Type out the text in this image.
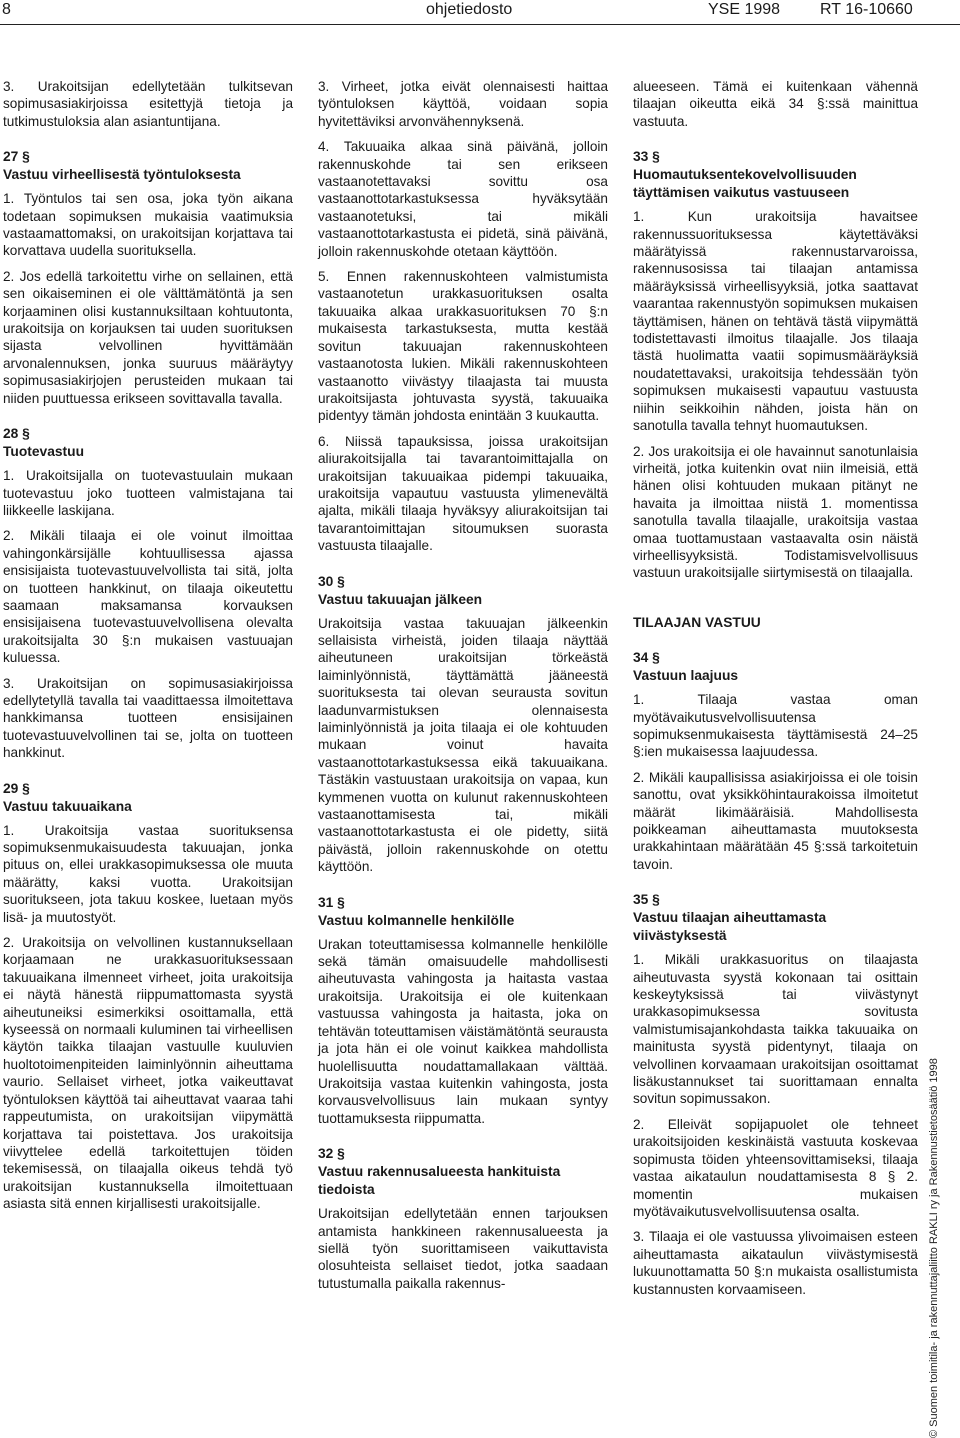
8	ohjetiedosto	YSE 1998 RT 16-10660

3. Urakoitsijan edellytetään tulkitsevan sopimusasiakirjoissa esitettyjä tietoja ja tutkimustuloksia alan asiantuntijana.

27 §
Vastuu virheellisestä työntuloksesta

1. Työntulos tai sen osa, joka työn aikana todetaan sopimuksen mukaisia vaatimuksia vastaamattomaksi, on urakoitsijan korjattava tai korvattava uudella suorituksella.

2. Jos edellä tarkoitettu virhe on sellainen, että sen oikaiseminen ei ole välttämätöntä ja sen korjaaminen olisi kustannuksiltaan kohtuutonta, urakoitsija on korjauksen tai uuden suorituksen sijasta velvollinen hyvittämään arvonalennuksen, jonka suuruus määräytyy sopimusasiakirjojen perusteiden mukaan tai niiden puuttuessa erikseen sovittavalla tavalla.

28 §
Tuotevastuu

1. Urakoitsijalla on tuotevastuulain mukaan tuotevastuu joko tuotteen valmistajana tai liikkeelle laskijana.

2. Mikäli tilaaja ei ole voinut ilmoittaa vahingonkärsijälle kohtuullisessa ajassa ensisijaista tuotevastuuvelvollista tai sitä, jolta on tuotteen hankkinut, on tilaaja oikeutettu saamaan maksamansa korvauksen ensisijaisena tuotevastuuvelvollisena olevalta urakoitsijalta 30 §:n mukaisen vastuuajan kuluessa.

3. Urakoitsijan on sopimusasiakirjoissa edellytetyllä tavalla tai vaadittaessa ilmoitettava hankkimansa tuotteen ensisijainen tuotevastuuvelvollinen tai se, jolta on tuotteen hankkinut.

29 §
Vastuu takuuaikana

1. Urakoitsija vastaa suorituksensa sopimuksenmukaisuudesta takuuajan, jonka pituus on, ellei urakkasopimuksessa ole muuta määrätty, kaksi vuotta. Urakoitsijan suoritukseen, jota takuu koskee, luetaan myös lisä- ja muutostyöt.

2. Urakoitsija on velvollinen kustannuksellaan korjaamaan ne urakkasuorituksessaan takuuaikana ilmenneet virheet, joita urakoitsija ei näytä hänestä riippumattomasta syystä aiheutuneiksi esimerkiksi osoittamalla, että kyseessä on normaali kuluminen tai virheellisen käytön taikka tilaajan vastuulle kuuluvien huoltotoimenpiteiden laiminlyönnin aiheuttama vaurio. Sellaiset virheet, jotka vaikeuttavat työntuloksen käyttöä tai aiheuttavat vaaraa tahi rappeutumista, on urakoitsijan viipymättä korjattava tai poistettava. Jos urakoitsija viivyttelee edellä tarkoitettujen töiden tekemisessä, on tilaajalla oikeus tehdä työ urakoitsijan kustannuksella ilmoitettuaan asiasta sitä ennen kirjallisesti urakoitsijalle.

3. Virheet, jotka eivät olennaisesti haittaa työntuloksen käyttöä, voidaan sopia hyvitettäviksi arvonvähennyksenä.

4. Takuuaika alkaa sinä päivänä, jolloin rakennuskohde tai sen erikseen vastaanotettavaksi sovittu osa vastaanottotarkastuksessa hyväksytään vastaanotetuksi, tai mikäli vastaanottotarkastusta ei pidetä, sinä päivänä, jolloin rakennuskohde otetaan käyttöön.

5. Ennen rakennuskohteen valmistumista vastaanotetun urakkasuorituksen osalta takuuaika alkaa urakkasuorituksen 70 §:n mukaisesta tarkastuksesta, mutta kestää sovitun takuuajan rakennuskohteen vastaanotosta lukien. Mikäli rakennuskohteen vastaanotto viivästyy tilaajasta tai muusta urakoitsijasta johtuvasta syystä, takuuaika pidentyy tämän johdosta enintään 3 kuukautta.

6. Niissä tapauksissa, joissa urakoitsijan aliurakoitsijalla tai tavarantoimittajalla on urakoitsijan takuuaikaa pidempi takuuaika, urakoitsija vapautuu vastuusta ylimenevältä ajalta, mikäli tilaaja hyväksyy aliurakoitsijan tai tavarantoimittajan sitoumuksen suorasta vastuusta tilaajalle.

30 §
Vastuu takuuajan jälkeen

Urakoitsija vastaa takuuajan jälkeenkin sellaisista virheistä, joiden tilaaja näyttää aiheutuneen urakoitsijan törkeästä laiminlyönnistä, täyttämättä jääneestä suorituksesta tai olevan seurausta sovitun laadunvarmistuksen olennaisesta laiminlyönnistä ja joita tilaaja ei ole kohtuuden mukaan voinut havaita vastaanottotarkastuksessa eikä takuuaikana. Tästäkin vastuustaan urakoitsija on vapaa, kun kymmenen vuotta on kulunut rakennuskohteen vastaanottamisesta tai, mikäli vastaanottotarkastusta ei ole pidetty, siitä päivästä, jolloin rakennuskohde on otettu käyttöön.

31 §
Vastuu kolmannelle henkilölle

Urakan toteuttamisessa kolmannelle henkilölle sekä tämän omaisuudelle mahdollisesti aiheutuvasta vahingosta ja haitasta vastaa urakoitsija. Urakoitsija ei ole kuitenkaan vastuussa vahingosta ja haitasta, joka on tehtävän toteuttamisen väistämätöntä seurausta ja jota hän ei ole voinut kaikkea mahdollista huolellisuutta noudattamallakaan välttää. Urakoitsija vastaa kuitenkin vahingosta, josta korvausvelvollisuus lain mukaan syntyy tuottamuksesta riippumatta.

32 §
Vastuu rakennusalueesta hankituista tiedoista

Urakoitsijan edellytetään ennen tarjouksen antamista hankkineen rakennusalueesta ja siellä työn suorittamiseen vaikuttavista olosuhteista sellaiset tiedot, jotka saadaan tutustumalla paikalla rakennus-

alueeseen. Tämä ei kuitenkaan vähennä tilaajan oikeutta eikä 34 §:ssä mainittua vastuuta.

33 §
Huomautuksentekovelvollisuuden täyttämisen vaikutus vastuuseen

1. Kun urakoitsija havaitsee rakennussuorituksessa käytettäväksi määrätyissä rakennustarvaroissa, rakennusosissa tai tilaajan antamissa määräyksissä virheellisyyksiä, jotka saattavat vaarantaa rakennustyön sopimuksen mukaisen täyttämisen, hänen on tehtävä tästä viipymättä todistettavasti ilmoitus tilaajalle. Jos tilaaja tästä huolimatta vaatii sopimusmääräyksiä noudatettavaksi, urakoitsija tehdessään työn sopimuksen mukaisesti vapautuu vastuusta niihin seikkoihin nähden, joista hän on sanotulla tavalla tehnyt huomautuksen.

2. Jos urakoitsija ei ole havainnut sanotunlaisia virheitä, jotka kuitenkin ovat niin ilmeisiä, että hänen olisi kohtuuden mukaan pitänyt ne havaita ja ilmoittaa niistä 1. momentissa sanotulla tavalla tilaajalle, urakoitsija vastaa omaa tuottamustaan vastaavalta osin näistä virheellisyyksistä. Todistamisvelvollisuus vastuun urakoitsijalle siirtymisestä on tilaajalla.

TILAAJAN VASTUU
34 §
Vastuun laajuus

1. Tilaaja vastaa oman myötävaikutusvelvollisuutensa sopimuksenmukaisesta täyttämisestä 24–25 §:ien mukaisessa laajuudessa.

2. Mikäli kaupallisissa asiakirjoissa ei ole toisin sanottu, ovat yksikköhintaurakoissa ilmoitetut määrät likimääräisiä. Mahdollisesta poikkeaman aiheuttamasta muutoksesta urakkahintaan määrätään 45 §:ssä tarkoitetuin tavoin.

35 §
Vastuu tilaajan aiheuttamasta viivästyksestä

1. Mikäli urakkasuoritus on tilaajasta aiheutuvasta syystä kokonaan tai osittain keskeytyksissä tai viivästynyt urakkasopimuksessa sovitusta valmistumisajankohdasta taikka takuuaika on mainitusta syystä pidentynyt, tilaaja on velvollinen korvaamaan urakoitsijan osoittamat lisäkustannukset tai suorittamaan ennalta sovitun sopimussakon.

2. Elleivät sopijapuolet ole tehneet urakoitsijoiden keskinäistä vastuuta koskevaa sopimusta töiden yhteensovittamiseksi, tilaaja vastaa aikataulun noudattamisesta 8 § 2. momentin mukaisen myötävaikutusvelvollisuutensa osalta.

3. Tilaaja ei ole vastuussa ylivoimaisen esteen aiheuttamasta aikataulun viivästymisestä lukuunottamatta 50 §:n mukaista osallistumista kustannusten korvaamiseen.	© Suomen toimitila- ja rakennuttajaliitto RAKLI ry ja Rakennustietosäätiö 1998
